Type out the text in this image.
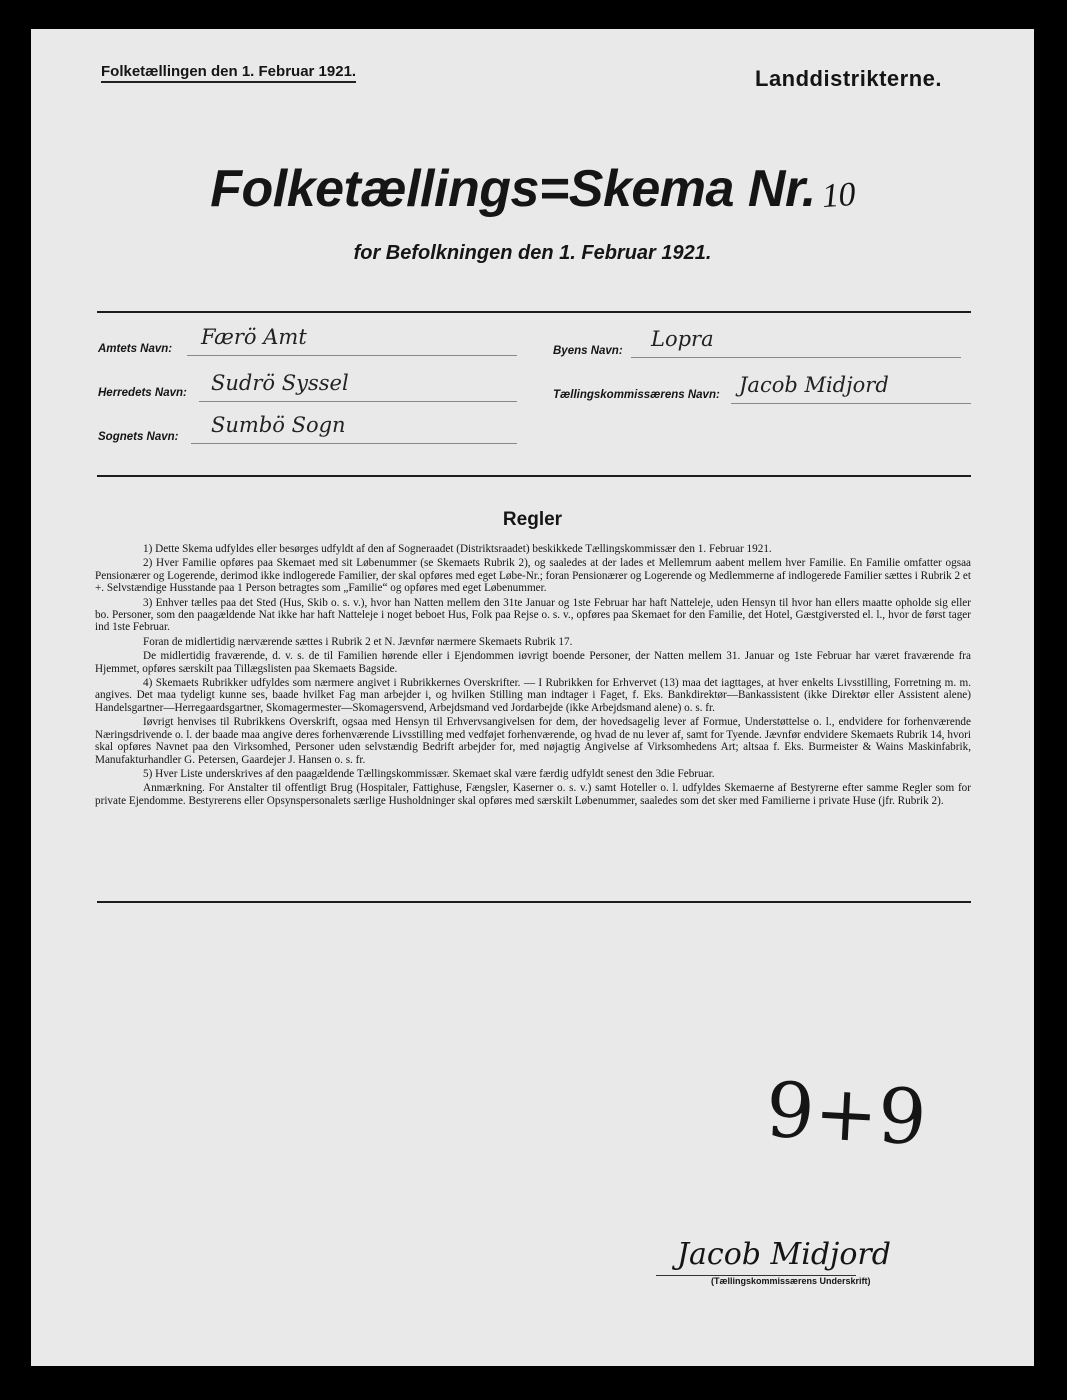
Folketællingen den 1. Februar 1921.	Landdistrikterne.
Folketællings=Skema Nr. 10
for Befolkningen den 1. Februar 1921.
Amtets Navn: Færö Amt
Byens Navn: Lopra
Herredets Navn: Sudrö Syssel	Tællingskommissærens Navn: Jacob Midjord
Sognets Navn: Sumbö Sogn
Regler

1) Dette Skema udfyldes eller besørges udfyldt af den af Sogneraadet (Distriktsraadet) beskikkede Tællingskommissær den 1. Februar 1921.

2) Hver Familie opføres paa Skemaet med sit Løbenummer (se Skemaets Rubrik 2), og saaledes at der lades et Mellemrum aabent mellem hver Familie. En Familie omfatter ogsaa Pensionærer og Logerende, derimod ikke indlogerede Familier, der skal opføres med eget Løbe-Nr.; foran Pensionærer og Logerende og Medlemmerne af indlogerede Familier sættes i Rubrik 2 et +. Selvstændige Husstande paa 1 Person betragtes som „Familie“ og opføres med eget Løbenummer.

3) Enhver tælles paa det Sted (Hus, Skib o. s. v.), hvor han Natten mellem den 31te Januar og 1ste Februar har haft Natteleje, uden Hensyn til hvor han ellers maatte opholde sig eller bo. Personer, som den paagældende Nat ikke har haft Natteleje i noget beboet Hus, Folk paa Rejse o. s. v., opføres paa Skemaet for den Familie, det Hotel, Gæstgiversted el. l., hvor de først tager ind 1ste Februar.

Foran de midlertidig nærværende sættes i Rubrik 2 et N. Jævnfør nærmere Skemaets Rubrik 17.

De midlertidig fraværende, d. v. s. de til Familien hørende eller i Ejendommen iøvrigt boende Personer, der Natten mellem 31. Januar og 1ste Februar har været fraværende fra Hjemmet, opføres særskilt paa Tillægslisten paa Skemaets Bagside.

4) Skemaets Rubrikker udfyldes som nærmere angivet i Rubrikkernes Overskrifter. — I Rubrikken for Erhvervet (13) maa det iagttages, at hver enkelts Livsstilling, Forretning m. m. angives. Det maa tydeligt kunne ses, baade hvilket Fag man arbejder i, og hvilken Stilling man indtager i Faget, f. Eks. Bankdirektør—Bankassistent (ikke Direktør eller Assistent alene) Handelsgartner—Herregaardsgartner, Skomagermester—Skomagersvend, Arbejdsmand ved Jordarbejde (ikke Arbejdsmand alene) o. s. fr.

Iøvrigt henvises til Rubrikkens Overskrift, ogsaa med Hensyn til Erhvervsangivelsen for dem, der hovedsagelig lever af Formue, Understøttelse o. l., endvidere for forhenværende Næringsdrivende o. l. der baade maa angive deres forhenværende Livsstilling med vedføjet forhenværende, og hvad de nu lever af, samt for Tyende. Jævnfør endvidere Skemaets Rubrik 14, hvori skal opføres Navnet paa den Virksomhed, Personer uden selvstændig Bedrift arbejder for, med nøjagtig Angivelse af Virksomhedens Art; altsaa f. Eks. Burmeister & Wains Maskinfabrik, Manufakturhandler G. Petersen, Gaardejer J. Hansen o. s. fr.

5) Hver Liste underskrives af den paagældende Tællingskommissær. Skemaet skal være færdig udfyldt senest den 3die Februar.

Anmærkning. For Anstalter til offentligt Brug (Hospitaler, Fattighuse, Fængsler, Kaserner o. s. v.) samt Hoteller o. l. udfyldes Skemaerne af Bestyrerne efter samme Regler som for private Ejendomme. Bestyrerens eller Opsynspersonalets særlige Husholdninger skal opføres med særskilt Løbenummer, saaledes som det sker med Familierne i private Huse (jfr. Rubrik 2).

9+9
Jacob Midjord
(Tællingskommissærens Underskrift)
